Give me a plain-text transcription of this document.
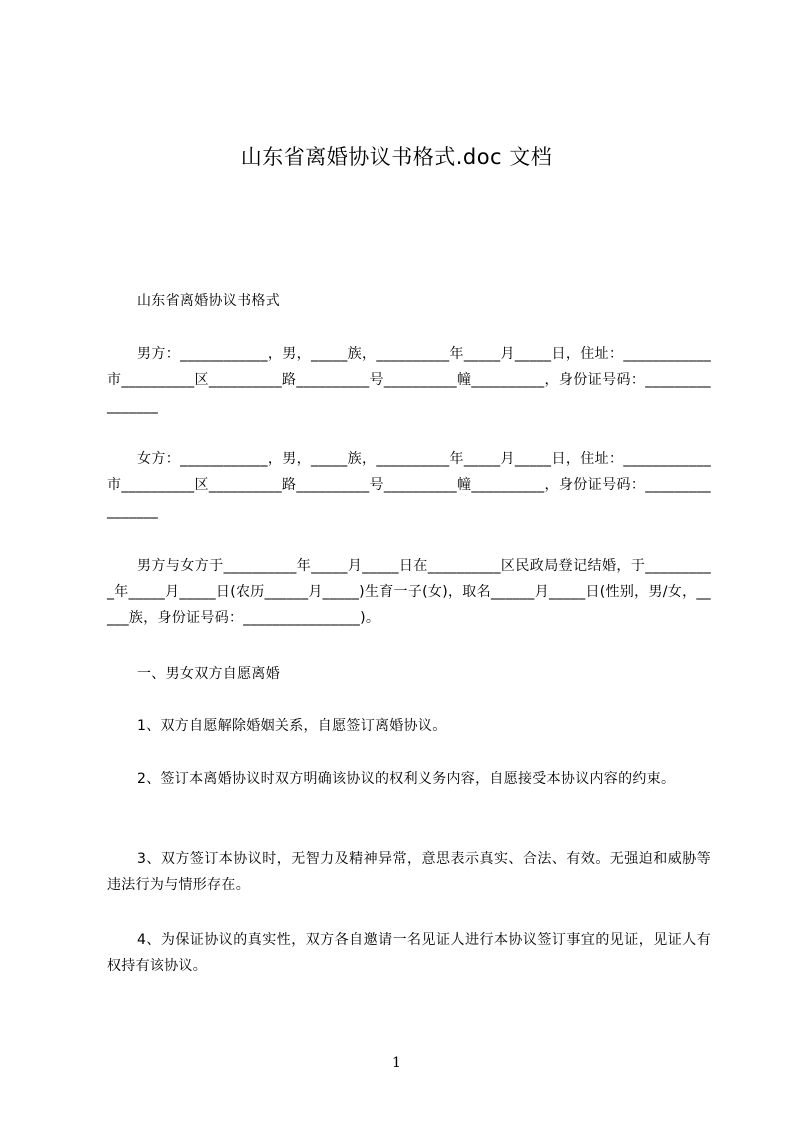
山东省离婚协议书格式.doc 文档

山东省离婚协议书格式

男方：____________，男，_____族，__________年_____月_____日，住址：____________市__________区__________路__________号__________幢__________，身份证号码：________________

女方：____________，男，_____族，__________年_____月_____日，住址：____________市__________区__________路__________号__________幢__________，身份证号码：________________

男方与女方于__________年_____月_____日在__________区民政局登记结婚，于__________年_____月_____日(农历______月_____)生育一子(女)，取名______月_____日(性别，男/女，_____族，身份证号码：________________)。

一、男女双方自愿离婚

1、双方自愿解除婚姻关系，自愿签订离婚协议。

2、签订本离婚协议时双方明确该协议的权利义务内容，自愿接受本协议内容的约束。

3、双方签订本协议时，无智力及精神异常，意思表示真实、合法、有效。无强迫和威胁等违法行为与情形存在。

4、为保证协议的真实性，双方各自邀请一名见证人进行本协议签订事宜的见证，见证人有权持有该协议。

1
